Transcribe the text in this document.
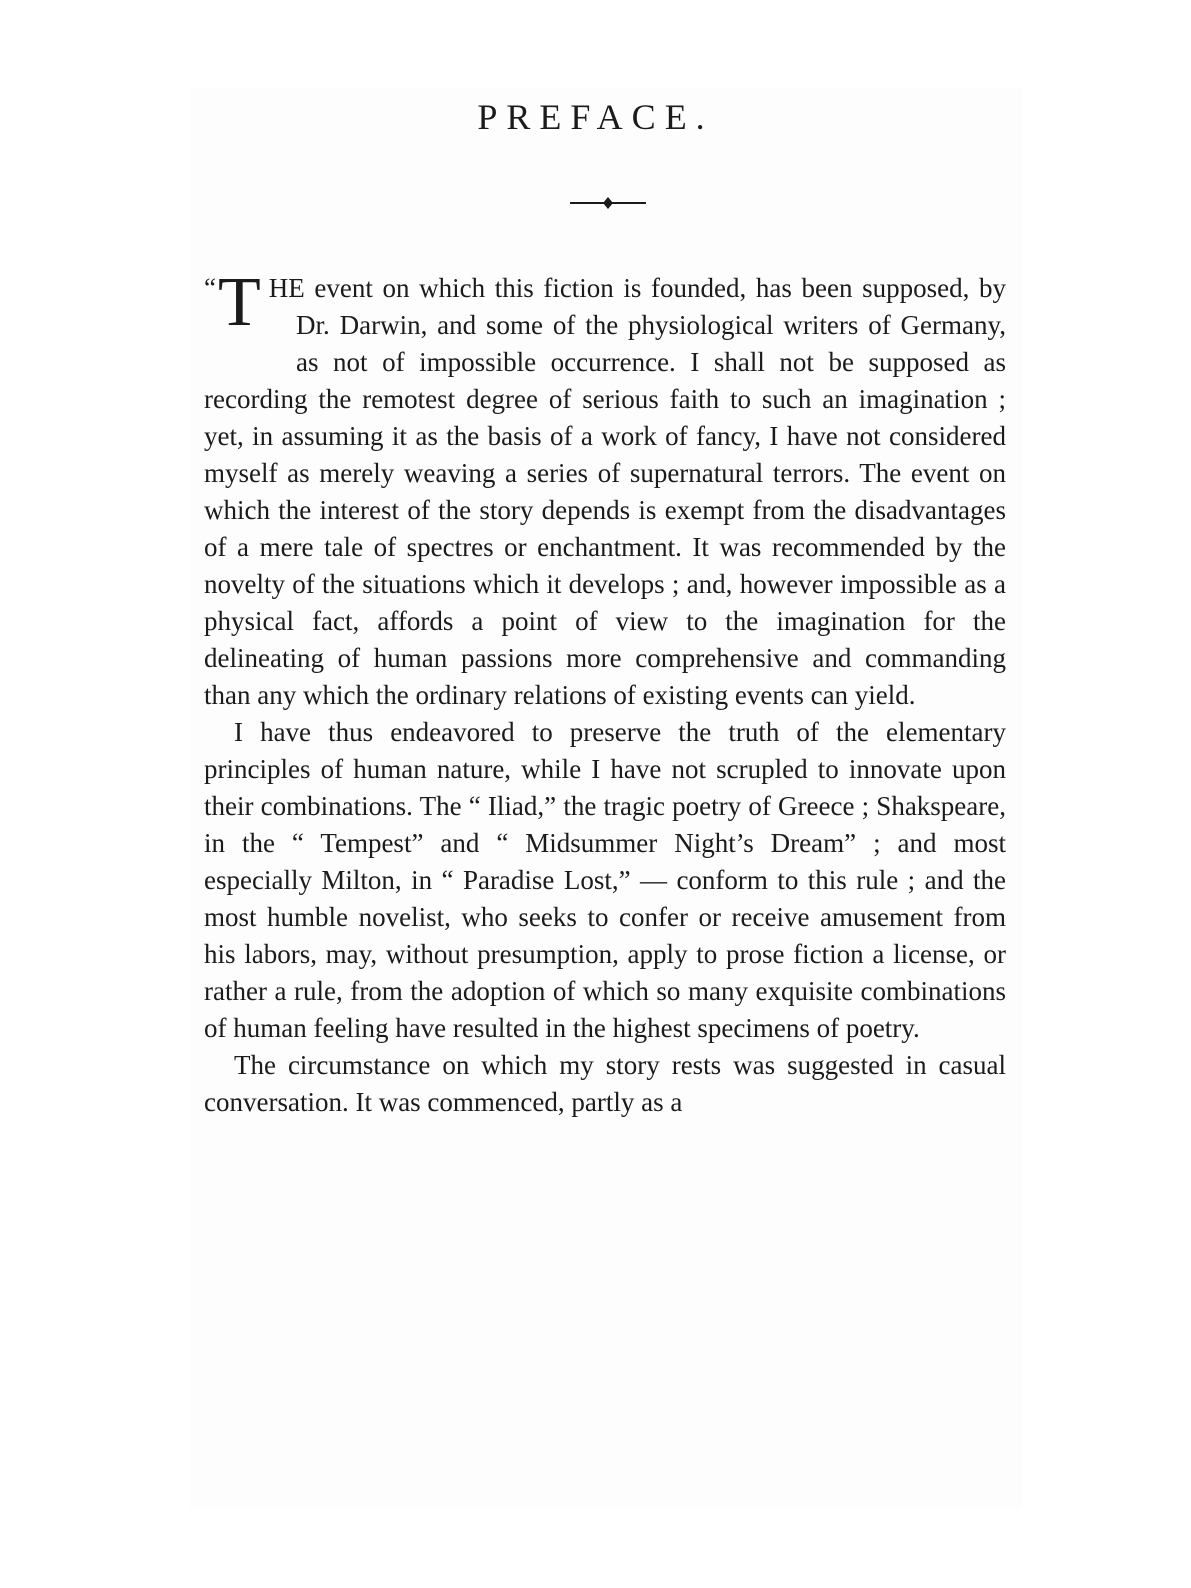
PREFACE.

“ T HE event on which this fiction is founded, has been supposed, by Dr. Darwin, and some of the physiological writers of Germany, as not of impossible occurrence. I shall not be supposed as recording the remotest degree of serious faith to such an imagination ; yet, in assuming it as the basis of a work of fancy, I have not considered myself as merely weaving a series of supernatural terrors. The event on which the interest of the story depends is exempt from the disadvantages of a mere tale of spectres or enchantment. It was recommended by the novelty of the situations which it develops ; and, however impossible as a physical fact, affords a point of view to the imagination for the delineating of human passions more comprehensive and commanding than any which the ordinary relations of existing events can yield.

I have thus endeavored to preserve the truth of the elementary principles of human nature, while I have not scrupled to innovate upon their combinations. The “ Iliad,” the tragic poetry of Greece ; Shakspeare, in the “ Tempest” and “ Midsummer Night’s Dream” ; and most especially Milton, in “ Paradise Lost,” — conform to this rule ; and the most humble novelist, who seeks to confer or receive amusement from his labors, may, without presumption, apply to prose fiction a license, or rather a rule, from the adoption of which so many exquisite combinations of human feeling have resulted in the highest specimens of poetry.

The circumstance on which my story rests was suggested in casual conversation. It was commenced, partly as a
